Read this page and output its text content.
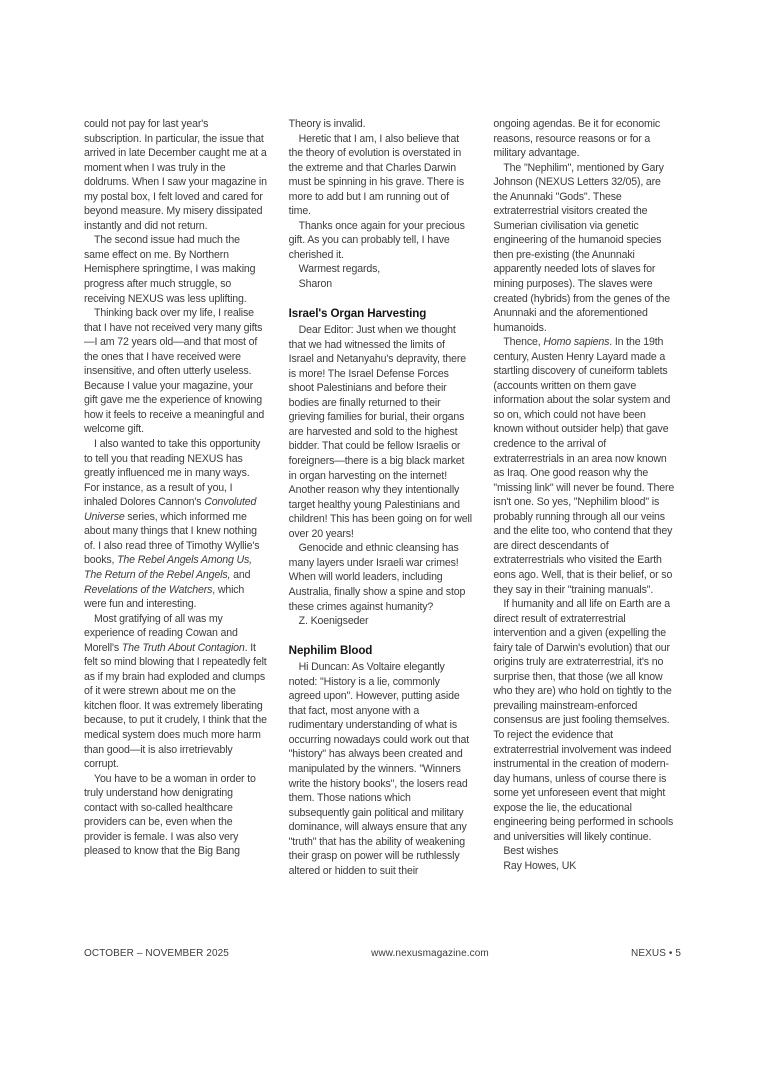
could not pay for last year's subscription. In particular, the issue that arrived in late December caught me at a moment when I was truly in the doldrums. When I saw your magazine in my postal box, I felt loved and cared for beyond measure. My misery dissipated instantly and did not return.

The second issue had much the same effect on me. By Northern Hemisphere springtime, I was making progress after much struggle, so receiving NEXUS was less uplifting.

Thinking back over my life, I realise that I have not received very many gifts—I am 72 years old—and that most of the ones that I have received were insensitive, and often utterly useless. Because I value your magazine, your gift gave me the experience of knowing how it feels to receive a meaningful and welcome gift.

I also wanted to take this opportunity to tell you that reading NEXUS has greatly influenced me in many ways. For instance, as a result of you, I inhaled Dolores Cannon's Convoluted Universe series, which informed me about many things that I knew nothing of. I also read three of Timothy Wyllie's books, The Rebel Angels Among Us, The Return of the Rebel Angels, and Revelations of the Watchers, which were fun and interesting.

Most gratifying of all was my experience of reading Cowan and Morell's The Truth About Contagion. It felt so mind blowing that I repeatedly felt as if my brain had exploded and clumps of it were strewn about me on the kitchen floor. It was extremely liberating because, to put it crudely, I think that the medical system does much more harm than good—it is also irretrievably corrupt.

You have to be a woman in order to truly understand how denigrating contact with so-called healthcare providers can be, even when the provider is female. I was also very pleased to know that the Big Bang

Theory is invalid.

Heretic that I am, I also believe that the theory of evolution is overstated in the extreme and that Charles Darwin must be spinning in his grave. There is more to add but I am running out of time.

Thanks once again for your precious gift. As you can probably tell, I have cherished it.

Warmest regards,
Sharon
Israel's Organ Harvesting

Dear Editor: Just when we thought that we had witnessed the limits of Israel and Netanyahu's depravity, there is more! The Israel Defense Forces shoot Palestinians and before their bodies are finally returned to their grieving families for burial, their organs are harvested and sold to the highest bidder. That could be fellow Israelis or foreigners—there is a big black market in organ harvesting on the internet! Another reason why they intentionally target healthy young Palestinians and children! This has been going on for well over 20 years!

Genocide and ethnic cleansing has many layers under Israeli war crimes! When will world leaders, including Australia, finally show a spine and stop these crimes against humanity?

Z. Koenigseder
Nephilim Blood

Hi Duncan: As Voltaire elegantly noted: "History is a lie, commonly agreed upon". However, putting aside that fact, most anyone with a rudimentary understanding of what is occurring nowadays could work out that "history" has always been created and manipulated by the winners. "Winners write the history books", the losers read them. Those nations which subsequently gain political and military dominance, will always ensure that any "truth" that has the ability of weakening their grasp on power will be ruthlessly altered or hidden to suit their

ongoing agendas. Be it for economic reasons, resource reasons or for a military advantage.

The "Nephilim", mentioned by Gary Johnson (NEXUS Letters 32/05), are the Anunnaki "Gods". These extraterrestrial visitors created the Sumerian civilisation via genetic engineering of the humanoid species then pre-existing (the Anunnaki apparently needed lots of slaves for mining purposes). The slaves were created (hybrids) from the genes of the Anunnaki and the aforementioned humanoids.

Thence, Homo sapiens. In the 19th century, Austen Henry Layard made a startling discovery of cuneiform tablets (accounts written on them gave information about the solar system and so on, which could not have been known without outsider help) that gave credence to the arrival of extraterrestrials in an area now known as Iraq. One good reason why the "missing link" will never be found. There isn't one. So yes, "Nephilim blood" is probably running through all our veins and the elite too, who contend that they are direct descendants of extraterrestrials who visited the Earth eons ago. Well, that is their belief, or so they say in their "training manuals".

If humanity and all life on Earth are a direct result of extraterrestrial intervention and a given (expelling the fairy tale of Darwin's evolution) that our origins truly are extraterrestrial, it's no surprise then, that those (we all know who they are) who hold on tightly to the prevailing mainstream-enforced consensus are just fooling themselves. To reject the evidence that extraterrestrial involvement was indeed instrumental in the creation of modern-day humans, unless of course there is some yet unforeseen event that might expose the lie, the educational engineering being performed in schools and universities will likely continue.

Best wishes
Ray Howes, UK
OCTOBER – NOVEMBER 2025	www.nexusmagazine.com	NEXUS • 5
